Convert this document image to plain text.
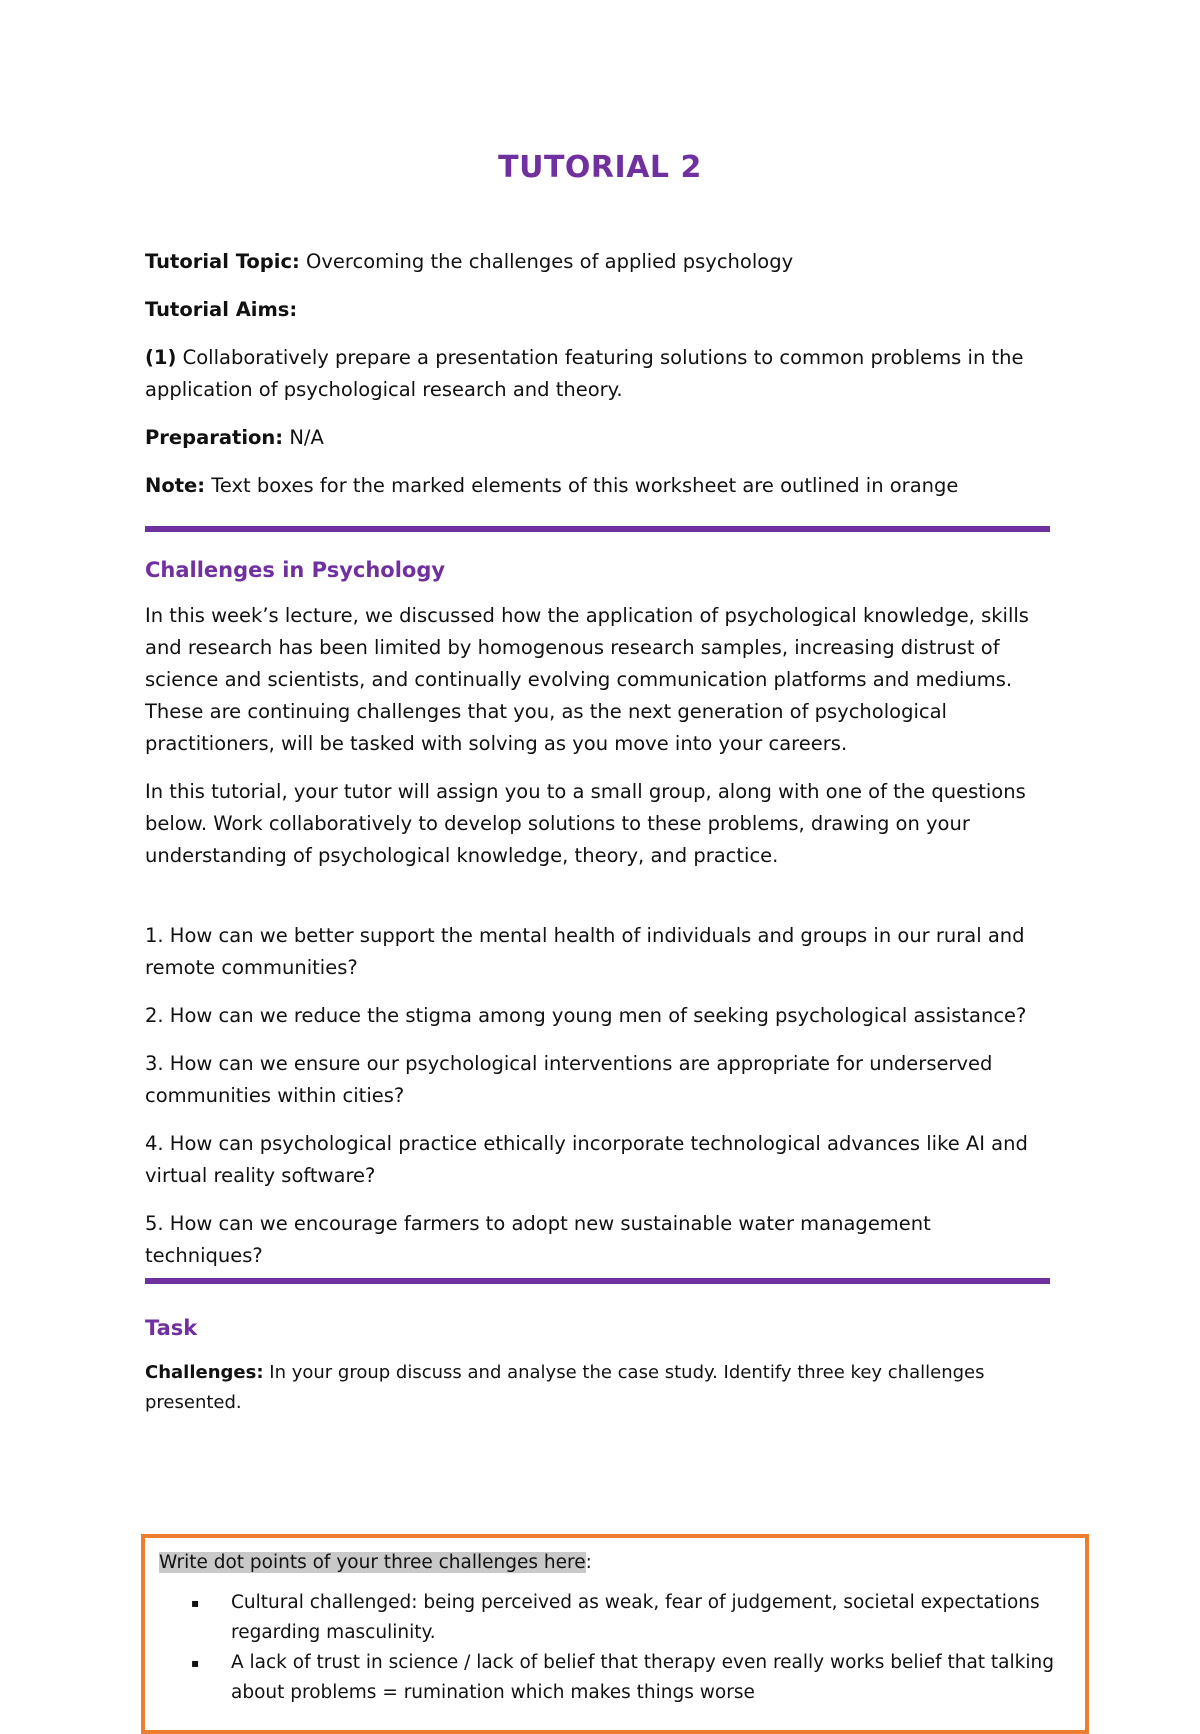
TUTORIAL 2

Tutorial Topic: Overcoming the challenges of applied psychology

Tutorial Aims:

(1) Collaboratively prepare a presentation featuring solutions to common problems in the application of psychological research and theory.

Preparation: N/A

Note: Text boxes for the marked elements of this worksheet are outlined in orange

Challenges in Psychology

In this week’s lecture, we discussed how the application of psychological knowledge, skills and research has been limited by homogenous research samples, increasing distrust of science and scientists, and continually evolving communication platforms and mediums. These are continuing challenges that you, as the next generation of psychological practitioners, will be tasked with solving as you move into your careers.

In this tutorial, your tutor will assign you to a small group, along with one of the questions below. Work collaboratively to develop solutions to these problems, drawing on your understanding of psychological knowledge, theory, and practice.

1. How can we better support the mental health of individuals and groups in our rural and remote communities?

2. How can we reduce the stigma among young men of seeking psychological assistance?

3. How can we ensure our psychological interventions are appropriate for underserved communities within cities?

4. How can psychological practice ethically incorporate technological advances like AI and virtual reality software?

5. How can we encourage farmers to adopt new sustainable water management techniques?

Task

Challenges: In your group discuss and analyse the case study. Identify three key challenges presented.

Write dot points of your three challenges here:
▪ Cultural challenged: being perceived as weak, fear of judgement, societal expectations regarding masculinity.
▪ A lack of trust in science / lack of belief that therapy even really works belief that talking about problems = rumination which makes things worse
